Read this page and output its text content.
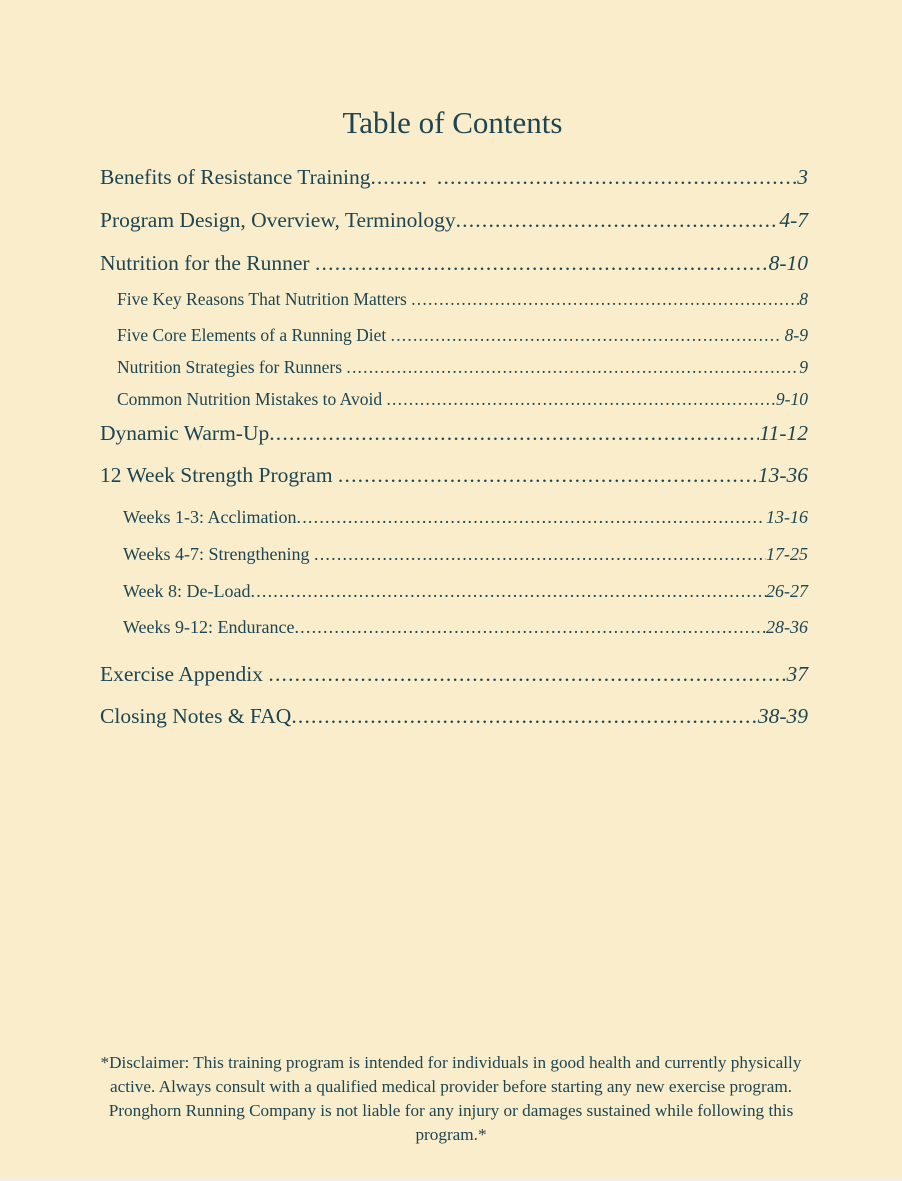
Table of Contents
Benefits of Resistance Training ......... .....	3
Program Design, Overview, Terminology .....	4-7
Nutrition for the Runner .....	8-10
Five Key Reasons That Nutrition Matters .....	8
Five Core Elements of a Running Diet .....	8-9
Nutrition Strategies for Runners .....	9
Common Nutrition Mistakes to Avoid .....	9-10
Dynamic Warm-Up .....	11-12
12 Week Strength Program .....	13-36
Weeks 1-3: Acclimation .....	13-16
Weeks 4-7: Strengthening .....	17-25
Week 8: De-Load .....	26-27
Weeks 9-12: Endurance .....	28-36
Exercise Appendix .....	37
Closing Notes & FAQ .....	38-39

*Disclaimer: This training program is intended for individuals in good health and currently physically active. Always consult with a qualified medical provider before starting any new exercise program. Pronghorn Running Company is not liable for any injury or damages sustained while following this program.*
